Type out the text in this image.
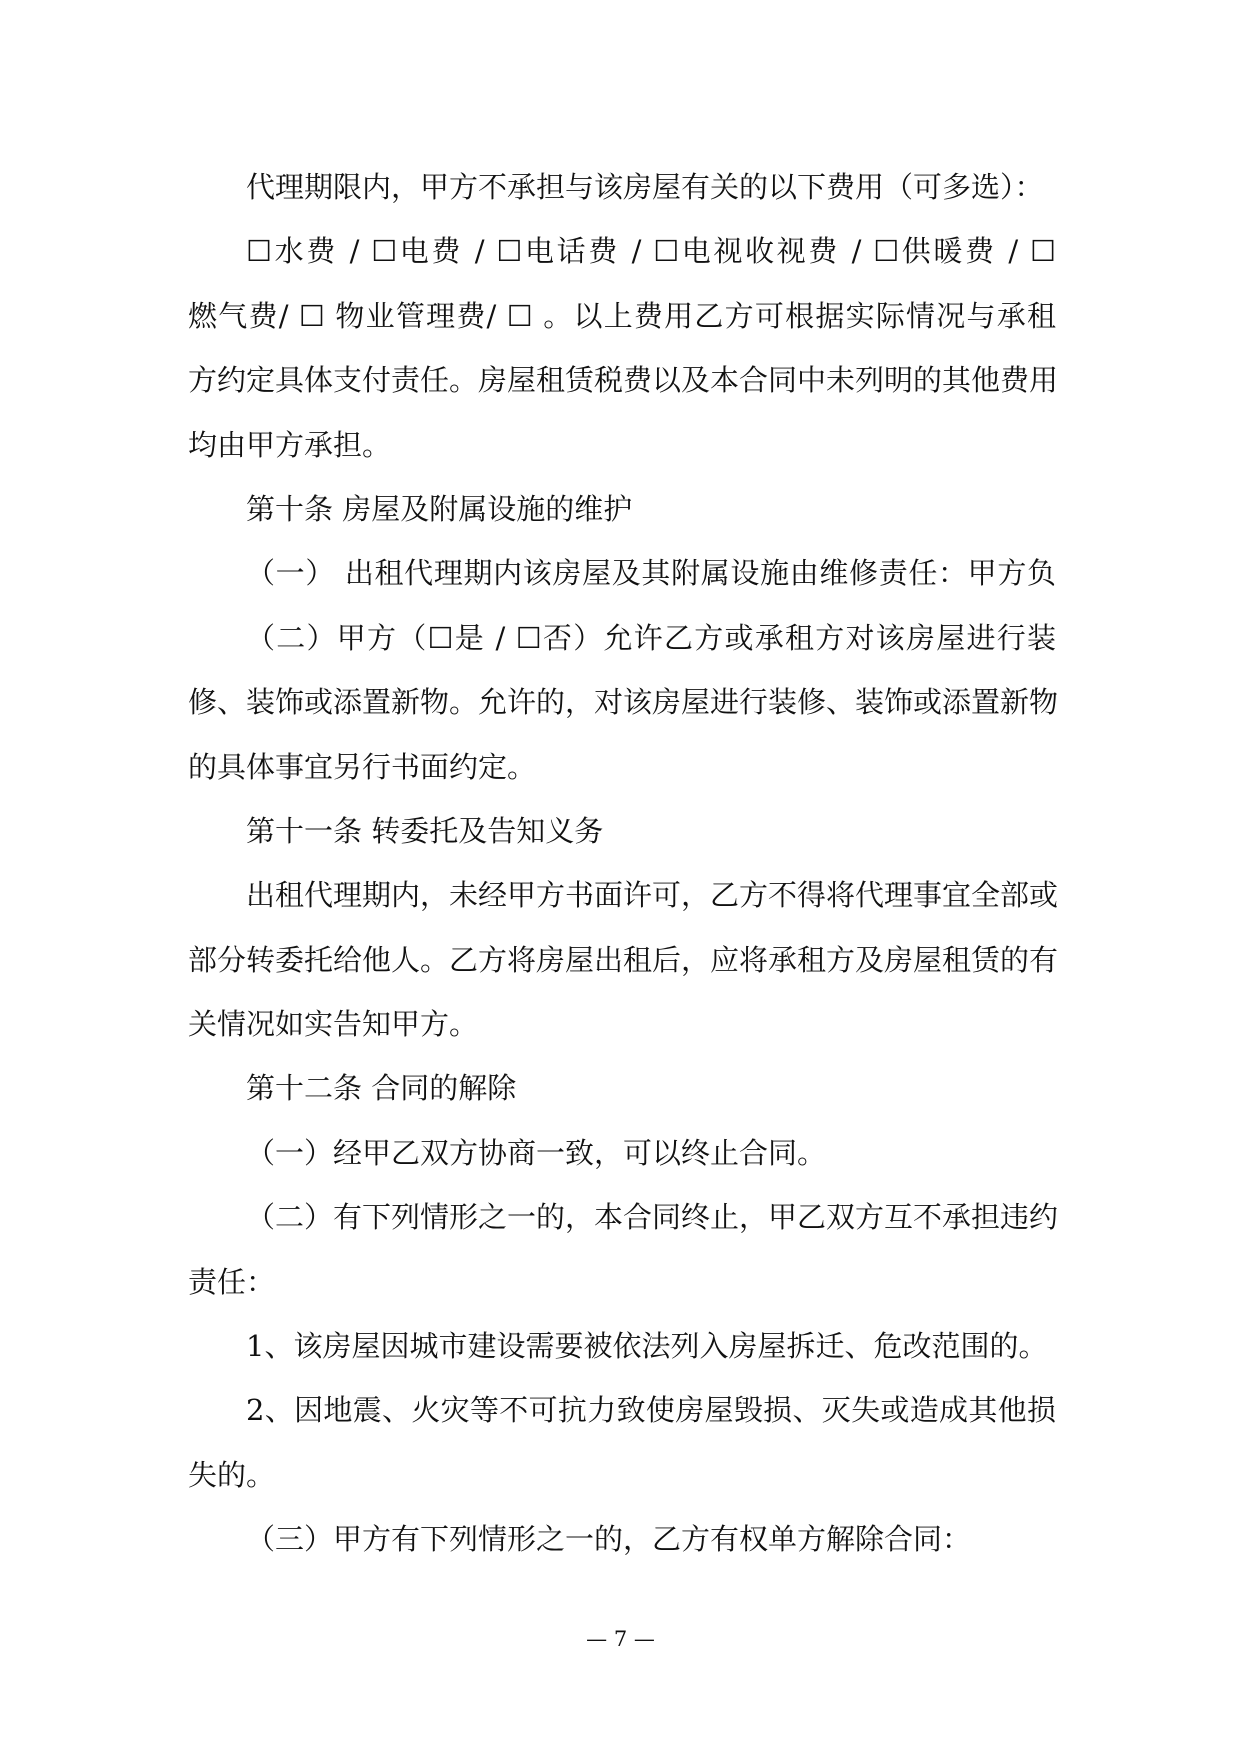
代理期限内，甲方不承担与该房屋有关的以下费用（可多选）：
☐水费 / ☐电费 / ☐电话费 / ☐电视收视费 / ☐供暖费 / ☐
燃气费/ ☐ 物业管理费/ ☐ 。以上费用乙方可根据实际情况与承租
方约定具体支付责任。房屋租赁税费以及本合同中未列明的其他费用
均由甲方承担。
第十条 房屋及附属设施的维护
（一） 出租代理期内该房屋及其附属设施由维修责任：甲方负
（二）甲方（☐是 / ☐否）允许乙方或承租方对该房屋进行装
修、装饰或添置新物。允许的，对该房屋进行装修、装饰或添置新物
的具体事宜另行书面约定。
第十一条 转委托及告知义务
出租代理期内，未经甲方书面许可，乙方不得将代理事宜全部或
部分转委托给他人。乙方将房屋出租后，应将承租方及房屋租赁的有
关情况如实告知甲方。
第十二条 合同的解除
（一）经甲乙双方协商一致，可以终止合同。
（二）有下列情形之一的，本合同终止，甲乙双方互不承担违约
责任：
1、该房屋因城市建设需要被依法列入房屋拆迁、危改范围的。
2、因地震、火灾等不可抗力致使房屋毁损、灭失或造成其他损
失的。
（三）甲方有下列情形之一的，乙方有权单方解除合同：
— 7 —
